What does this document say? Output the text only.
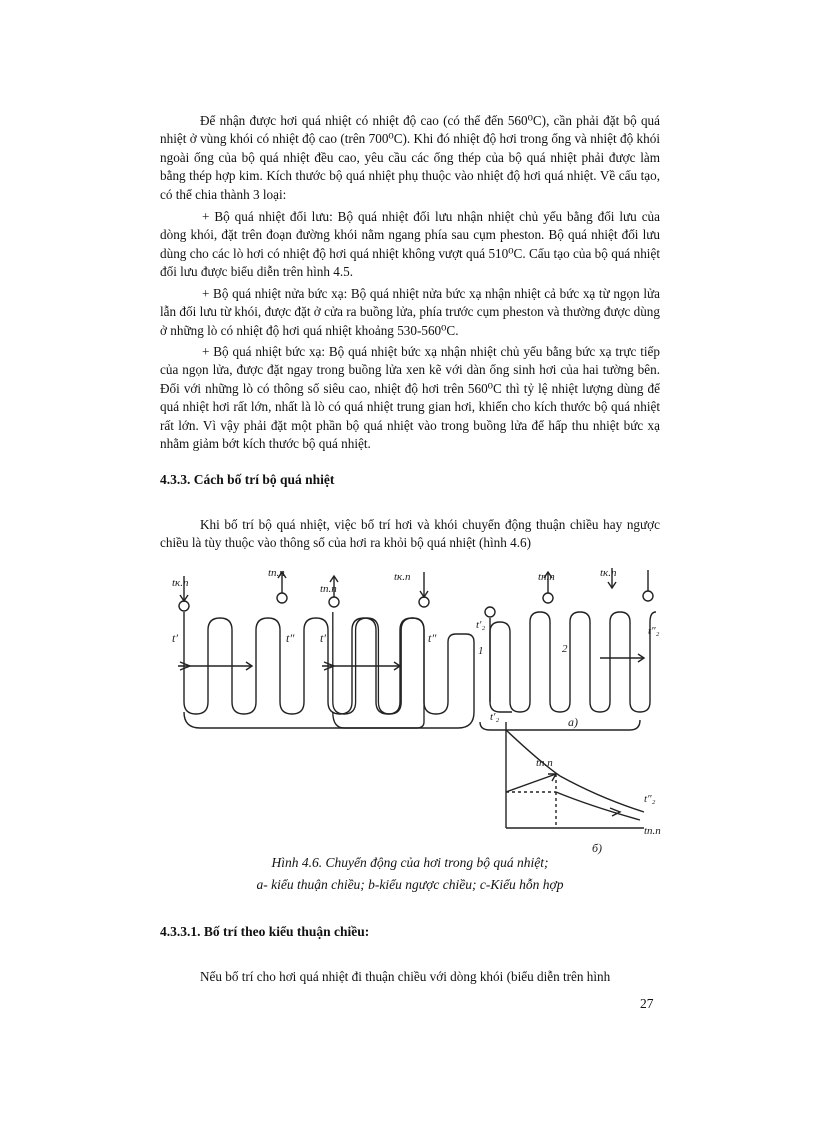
Để nhận được hơi quá nhiệt có nhiệt độ cao (có thể đến 560⁰C), cần phải đặt bộ quá nhiệt ở vùng khói có nhiệt độ cao (trên 700⁰C). Khi đó nhiệt độ hơi trong ống và nhiệt độ khói ngoài ống của bộ quá nhiệt đều cao, yêu cầu các ống thép của bộ quá nhiệt phải được làm bằng thép hợp kim. Kích thước bộ quá nhiệt phụ thuộc vào nhiệt độ hơi quá nhiệt. Về cấu tạo, có thể chia thành 3 loại:
+ Bộ quá nhiệt đối lưu: Bộ quá nhiệt đối lưu nhận nhiệt chủ yếu bằng đối lưu của dòng khói, đặt trên đoạn đường khói nằm ngang phía sau cụm pheston. Bộ quá nhiệt đối lưu dùng cho các lò hơi có nhiệt độ hơi quá nhiệt không vượt quá 510⁰C. Cấu tạo của bộ quá nhiệt đối lưu được biểu diễn trên hình 4.5.
+ Bộ quá nhiệt nửa bức xạ: Bộ quá nhiệt nửa bức xạ nhận nhiệt cả bức xạ từ ngọn lửa lẫn đối lưu từ khói, được đặt ở cửa ra buồng lửa, phía trước cụm pheston và thường được dùng ở những lò có nhiệt độ hơi quá nhiệt khoảng 530-560⁰C.
+ Bộ quá nhiệt bức xạ: Bộ quá nhiệt bức xạ nhận nhiệt chủ yếu bằng bức xạ trực tiếp của ngọn lửa, được đặt ngay trong buồng lửa xen kẽ với dàn ống sinh hơi của hai tường bên. Đối với những lò có thông số siêu cao, nhiệt độ hơi trên 560⁰C thì tỷ lệ nhiệt lượng dùng để quá nhiệt hơi rất lớn, nhất là lò có quá nhiệt trung gian hơi, khiến cho kích thước bộ quá nhiệt rất lớn. Vì vậy phải đặt một phần bộ quá nhiệt vào trong buồng lửa để hấp thu nhiệt bức xạ nhằm giảm bớt kích thước bộ quá nhiệt.
4.3.3. Cách bố trí bộ quá nhiệt
Khi bố trí bộ quá nhiệt, việc bố trí hơi và khói chuyển động thuận chiều hay ngược chiều là tùy thuộc vào thông số của hơi ra khỏi bộ quá nhiệt (hình 4.6)
tк.п
tп.п
t′	t″
tп.п
tк.п
t′	t″
tп.п	tк.п
t′₂	t″₂
1	2
a)
t′₂
tп.п
t″₂
tп.п
б)
Hình 4.6. Chuyển động của hơi trong bộ quá nhiệt;
a- kiểu thuận chiều; b-kiểu ngược chiều; c-Kiểu hỗn hợp
4.3.3.1. Bố trí theo kiểu thuận chiều:
Nếu bố trí cho hơi quá nhiệt đi thuận chiều với dòng khói (biểu diễn trên hình
27
